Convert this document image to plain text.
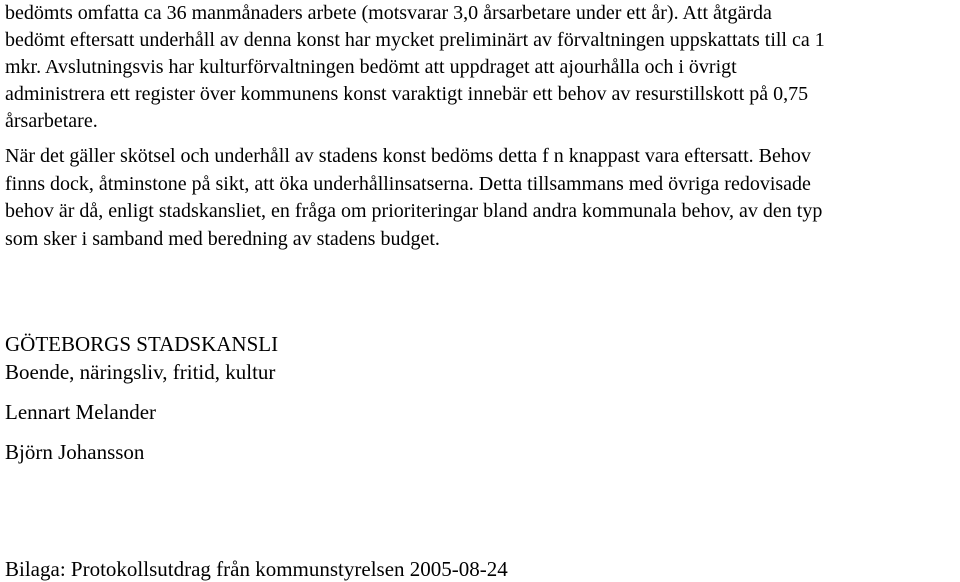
bedömts omfatta ca 36 manmånaders arbete (motsvarar 3,0 årsarbetare under ett år). Att åtgärda

bedömt eftersatt underhåll av denna konst har mycket preliminärt av förvaltningen uppskattats till ca 1

mkr. Avslutningsvis har kulturförvaltningen bedömt att uppdraget att ajourhålla och i övrigt

administrera ett register över kommunens konst varaktigt innebär ett behov av resurstillskott på 0,75

årsarbetare.

När det gäller skötsel och underhåll av stadens konst bedöms detta f n knappast vara eftersatt. Behov

finns dock, åtminstone på sikt, att öka underhållinsatserna. Detta tillsammans med övriga redovisade

behov är då, enligt stadskansliet, en fråga om prioriteringar bland andra kommunala behov, av den typ

som sker i samband med beredning av stadens budget.

GÖTEBORGS STADSKANSLI

Boende, näringsliv, fritid, kultur

Lennart Melander

Björn Johansson

Bilaga: Protokollsutdrag från kommunstyrelsen 2005-08-24
